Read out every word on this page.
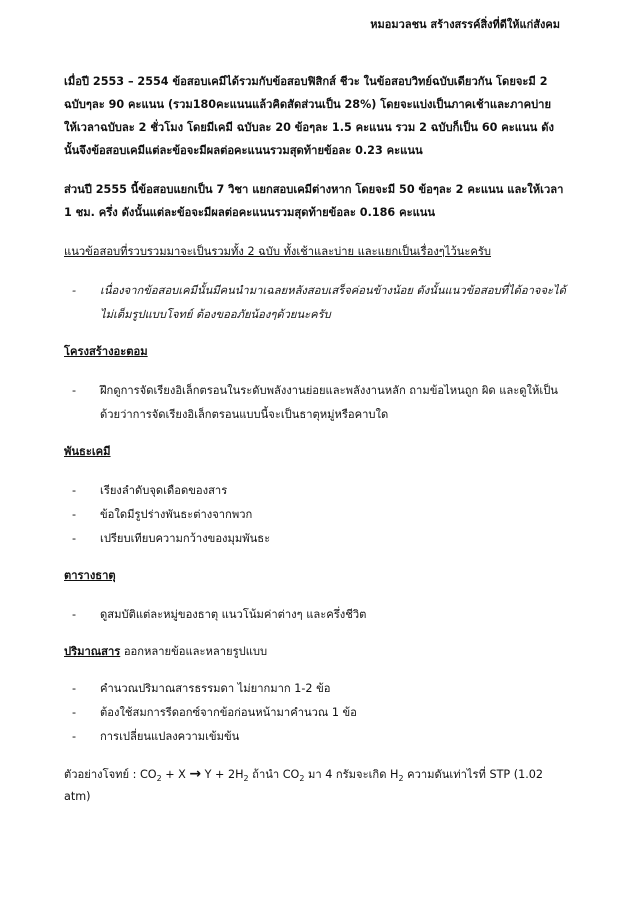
หมอมวลชน สร้างสรรค์สิ่งที่ดีให้แก่สังคม

เมื่อปี 2553 – 2554 ข้อสอบเคมีได้รวมกับข้อสอบฟิสิกส์ ชีวะ ในข้อสอบวิทย์ฉบับเดียวกัน โดยจะมี 2 ฉบับๆละ 90 คะแนน (รวม180คะแนนแล้วคิดสัดส่วนเป็น 28%) โดยจะแบ่งเป็นภาคเช้าและภาคบ่าย ให้เวลาฉบับละ 2 ชั่วโมง โดยมีเคมี ฉบับละ 20 ข้อๆละ 1.5 คะแนน รวม 2 ฉบับก็เป็น 60 คะแนน ดังนั้นจึงข้อสอบเคมีแต่ละข้อจะมีผลต่อคะแนนรวมสุดท้ายข้อละ 0.23 คะแนน

ส่วนปี 2555 นี้ข้อสอบแยกเป็น 7 วิชา แยกสอบเคมีต่างหาก โดยจะมี 50 ข้อๆละ 2 คะแนน และให้เวลา 1 ชม. ครึ่ง ดังนั้นแต่ละข้อจะมีผลต่อคะแนนรวมสุดท้ายข้อละ 0.186 คะแนน

แนวข้อสอบที่รวบรวมมาจะเป็นรวมทั้ง 2 ฉบับ ทั้งเช้าและบ่าย และแยกเป็นเรื่องๆไว้นะครับ

- เนื่องจากข้อสอบเคมีนั้นมีคนนำมาเฉลยหลังสอบเสร็จค่อนข้างน้อย ดังนั้นแนวข้อสอบที่ได้อาจจะได้ไม่เต็มรูปแบบโจทย์ ต้องขออภัยน้องๆด้วยนะครับ
โครงสร้างอะตอม
- ฝึกดูการจัดเรียงอิเล็กตรอนในระดับพลังงานย่อยและพลังงานหลัก ถามข้อไหนถูก ผิด และดูให้เป็นด้วยว่าการจัดเรียงอิเล็กตรอนแบบนี้จะเป็นธาตุหมู่หรือคาบใด
พันธะเคมี
- เรียงลำดับจุดเดือดของสาร
- ข้อใดมีรูปร่างพันธะต่างจากพวก
- เปรียบเทียบความกว้างของมุมพันธะ
ตารางธาตุ
- ดูสมบัติแต่ละหมู่ของธาตุ แนวโน้มค่าต่างๆ และครึ่งชีวิต

ปริมาณสาร ออกหลายข้อและหลายรูปแบบ

- คำนวณปริมาณสารธรรมดา ไม่ยากมาก 1-2 ข้อ
- ต้องใช้สมการรีดอกซ์จากข้อก่อนหน้ามาคำนวณ 1 ข้อ
- การเปลี่ยนแปลงความเข้มข้น
ตัวอย่างโจทย์ : $CO_2 + X \to Y + 2H_2$ ถ้านำ $CO_2$ มา 4 กรัมจะเกิด $H_2$ ความดันเท่าไรที่ STP (1.02 atm)
